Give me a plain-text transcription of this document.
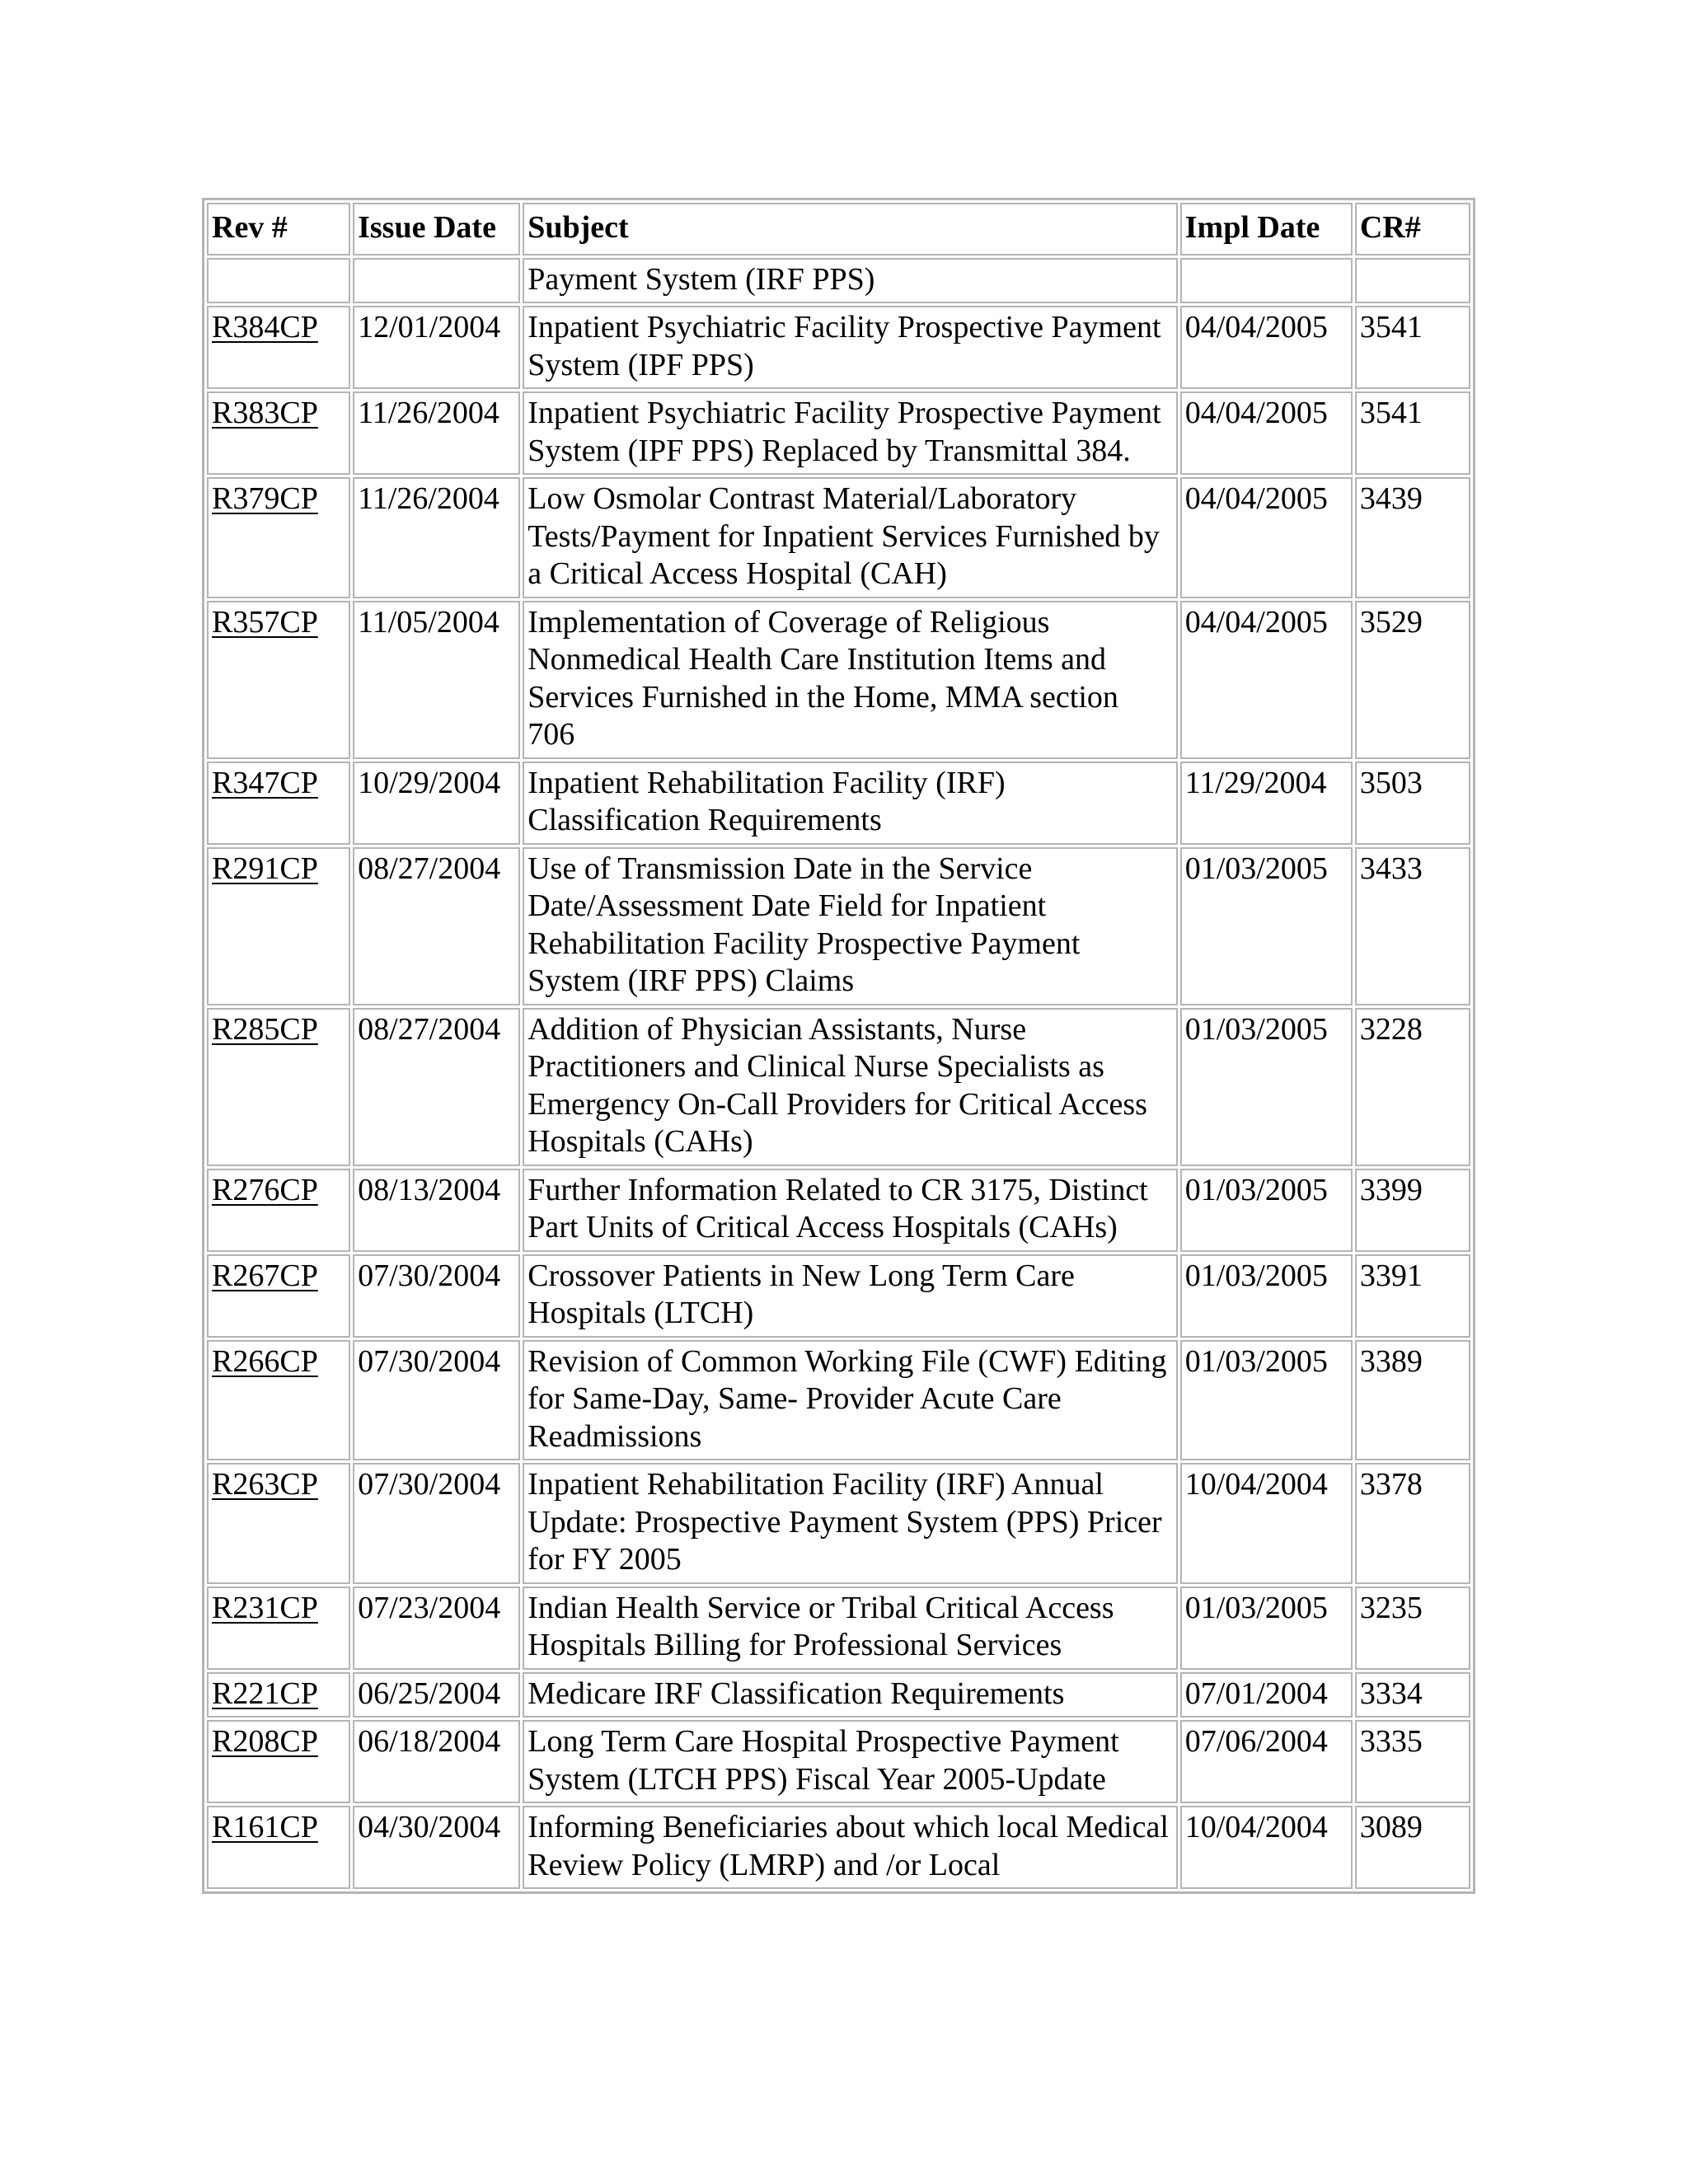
Rev #	Issue Date	Subject	Impl Date	CR#
		Payment System (IRF PPS)		
R384CP	12/01/2004	Inpatient Psychiatric Facility Prospective Payment System (IPF PPS)	04/04/2005	3541
R383CP	11/26/2004	Inpatient Psychiatric Facility Prospective Payment System (IPF PPS) Replaced by Transmittal 384.	04/04/2005	3541
R379CP	11/26/2004	Low Osmolar Contrast Material/Laboratory Tests/Payment for Inpatient Services Furnished by a Critical Access Hospital (CAH)	04/04/2005	3439
R357CP	11/05/2004	Implementation of Coverage of Religious Nonmedical Health Care Institution Items and Services Furnished in the Home, MMA section 706	04/04/2005	3529
R347CP	10/29/2004	Inpatient Rehabilitation Facility (IRF) Classification Requirements	11/29/2004	3503
R291CP	08/27/2004	Use of Transmission Date in the Service Date/Assessment Date Field for Inpatient Rehabilitation Facility Prospective Payment System (IRF PPS) Claims	01/03/2005	3433
R285CP	08/27/2004	Addition of Physician Assistants, Nurse Practitioners and Clinical Nurse Specialists as Emergency On-Call Providers for Critical Access Hospitals (CAHs)	01/03/2005	3228
R276CP	08/13/2004	Further Information Related to CR 3175, Distinct Part Units of Critical Access Hospitals (CAHs)	01/03/2005	3399
R267CP	07/30/2004	Crossover Patients in New Long Term Care Hospitals (LTCH)	01/03/2005	3391
R266CP	07/30/2004	Revision of Common Working File (CWF) Editing for Same-Day, Same- Provider Acute Care Readmissions	01/03/2005	3389
R263CP	07/30/2004	Inpatient Rehabilitation Facility (IRF) Annual Update: Prospective Payment System (PPS) Pricer for FY 2005	10/04/2004	3378
R231CP	07/23/2004	Indian Health Service or Tribal Critical Access Hospitals Billing for Professional Services	01/03/2005	3235
R221CP	06/25/2004	Medicare IRF Classification Requirements	07/01/2004	3334
R208CP	06/18/2004	Long Term Care Hospital Prospective Payment System (LTCH PPS) Fiscal Year 2005-Update	07/06/2004	3335
R161CP	04/30/2004	Informing Beneficiaries about which local Medical Review Policy (LMRP) and /or Local	10/04/2004	3089
